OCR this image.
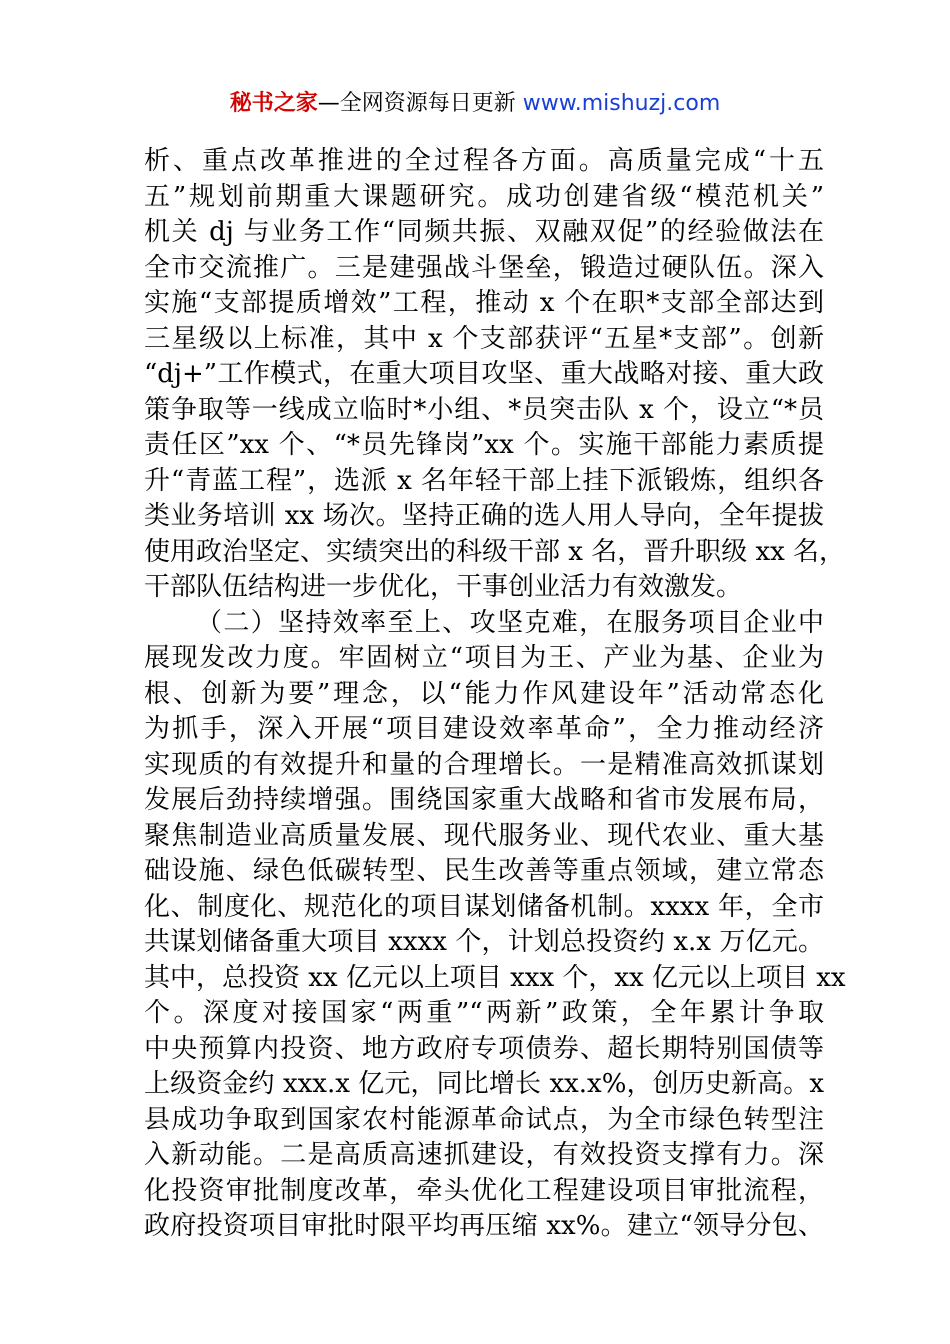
秘书之家—全网资源每日更新 www.mishuzj.com
析、重点改革推进的全过程各方面。高质量完成“十五
五”规划前期重大课题研究。成功创建省级“模范机关”
机关 dj 与业务工作“同频共振、双融双促”的经验做法在
全市交流推广。三是建强战斗堡垒，锻造过硬队伍。深入
实施“支部提质增效”工程，推动 x 个在职*支部全部达到
三星级以上标准，其中 x 个支部获评“五星*支部”。创新
“dj+”工作模式，在重大项目攻坚、重大战略对接、重大政
策争取等一线成立临时*小组、*员突击队 x 个，设立“*员
责任区”xx 个、“*员先锋岗”xx 个。实施干部能力素质提
升“青蓝工程”，选派 x 名年轻干部上挂下派锻炼，组织各
类业务培训 xx 场次。坚持正确的选人用人导向，全年提拔
使用政治坚定、实绩突出的科级干部 x 名，晋升职级 xx 名，
干部队伍结构进一步优化，干事创业活力有效激发。
（二）坚持效率至上、攻坚克难，在服务项目企业中
展现发改力度。牢固树立“项目为王、产业为基、企业为
根、创新为要”理念，以“能力作风建设年”活动常态化
为抓手，深入开展“项目建设效率革命”，全力推动经济
实现质的有效提升和量的合理增长。一是精准高效抓谋划
发展后劲持续增强。围绕国家重大战略和省市发展布局，
聚焦制造业高质量发展、现代服务业、现代农业、重大基
础设施、绿色低碳转型、民生改善等重点领域，建立常态
化、制度化、规范化的项目谋划储备机制。xxxx 年，全市
共谋划储备重大项目 xxxx 个，计划总投资约 x.x 万亿元。
其中，总投资 xx 亿元以上项目 xxx 个，xx 亿元以上项目 xx
个。深度对接国家“两重”“两新”政策，全年累计争取
中央预算内投资、地方政府专项债券、超长期特别国债等
上级资金约 xxx.x 亿元，同比增长 xx.x%，创历史新高。x
县成功争取到国家农村能源革命试点，为全市绿色转型注
入新动能。二是高质高速抓建设，有效投资支撑有力。深
化投资审批制度改革，牵头优化工程建设项目审批流程，
政府投资项目审批时限平均再压缩 xx%。建立“领导分包、
